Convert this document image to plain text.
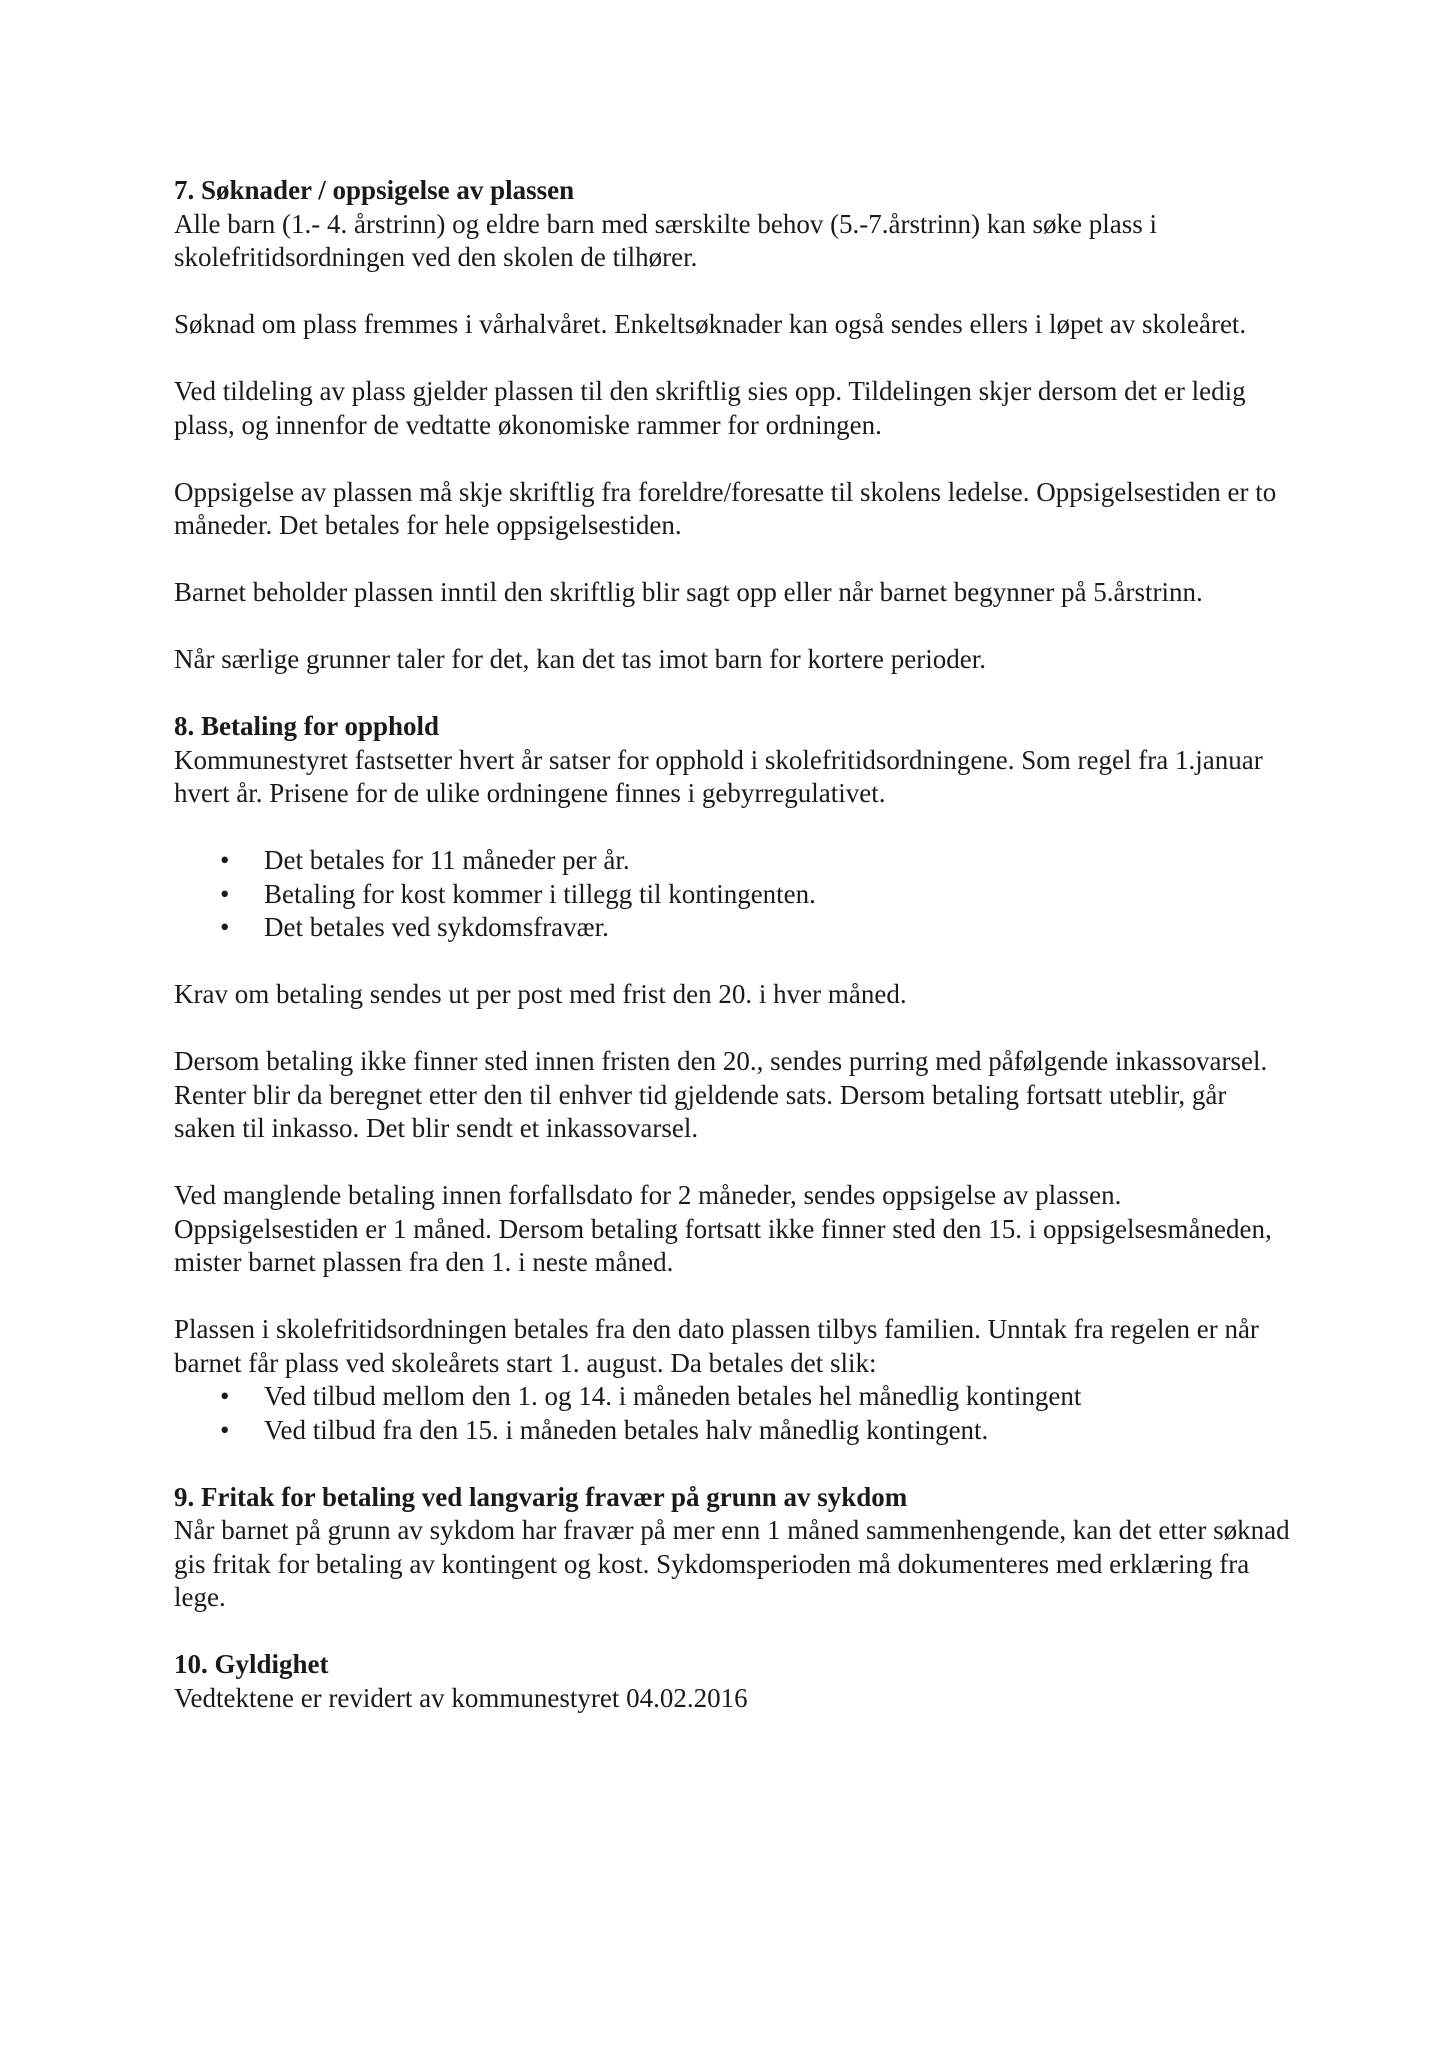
7. Søknader / oppsigelse av plassen

Alle barn (1.- 4. årstrinn) og eldre barn med særskilte behov (5.-7.årstrinn) kan søke plass i skolefritidsordningen ved den skolen de tilhører.

Søknad om plass fremmes i vårhalvåret. Enkeltsøknader kan også sendes ellers i løpet av skoleåret.

Ved tildeling av plass gjelder plassen til den skriftlig sies opp. Tildelingen skjer dersom det er ledig plass, og innenfor de vedtatte økonomiske rammer for ordningen.

Oppsigelse av plassen må skje skriftlig fra foreldre/foresatte til skolens ledelse. Oppsigelsestiden er to måneder. Det betales for hele oppsigelsestiden.

Barnet beholder plassen inntil den skriftlig blir sagt opp eller når barnet begynner på 5.årstrinn.

Når særlige grunner taler for det, kan det tas imot barn for kortere perioder.

8. Betaling for opphold

Kommunestyret fastsetter hvert år satser for opphold i skolefritidsordningene. Som regel fra 1.januar hvert år. Prisene for de ulike ordningene finnes i gebyrregulativet.

• Det betales for 11 måneder per år.
• Betaling for kost kommer i tillegg til kontingenten.
• Det betales ved sykdomsfravær.

Krav om betaling sendes ut per post med frist den 20. i hver måned.

Dersom betaling ikke finner sted innen fristen den 20., sendes purring med påfølgende inkassovarsel. Renter blir da beregnet etter den til enhver tid gjeldende sats. Dersom betaling fortsatt uteblir, går saken til inkasso. Det blir sendt et inkassovarsel.

Ved manglende betaling innen forfallsdato for 2 måneder, sendes oppsigelse av plassen. Oppsigelsestiden er 1 måned. Dersom betaling fortsatt ikke finner sted den 15. i oppsigelsesmåneden, mister barnet plassen fra den 1. i neste måned.

Plassen i skolefritidsordningen betales fra den dato plassen tilbys familien. Unntak fra regelen er når barnet får plass ved skoleårets start 1. august. Da betales det slik:

• Ved tilbud mellom den 1. og 14. i måneden betales hel månedlig kontingent
• Ved tilbud fra den 15. i måneden betales halv månedlig kontingent.

9. Fritak for betaling ved langvarig fravær på grunn av sykdom

Når barnet på grunn av sykdom har fravær på mer enn 1 måned sammenhengende, kan det etter søknad gis fritak for betaling av kontingent og kost. Sykdomsperioden må dokumenteres med erklæring fra lege.

10. Gyldighet

Vedtektene er revidert av kommunestyret 04.02.2016
